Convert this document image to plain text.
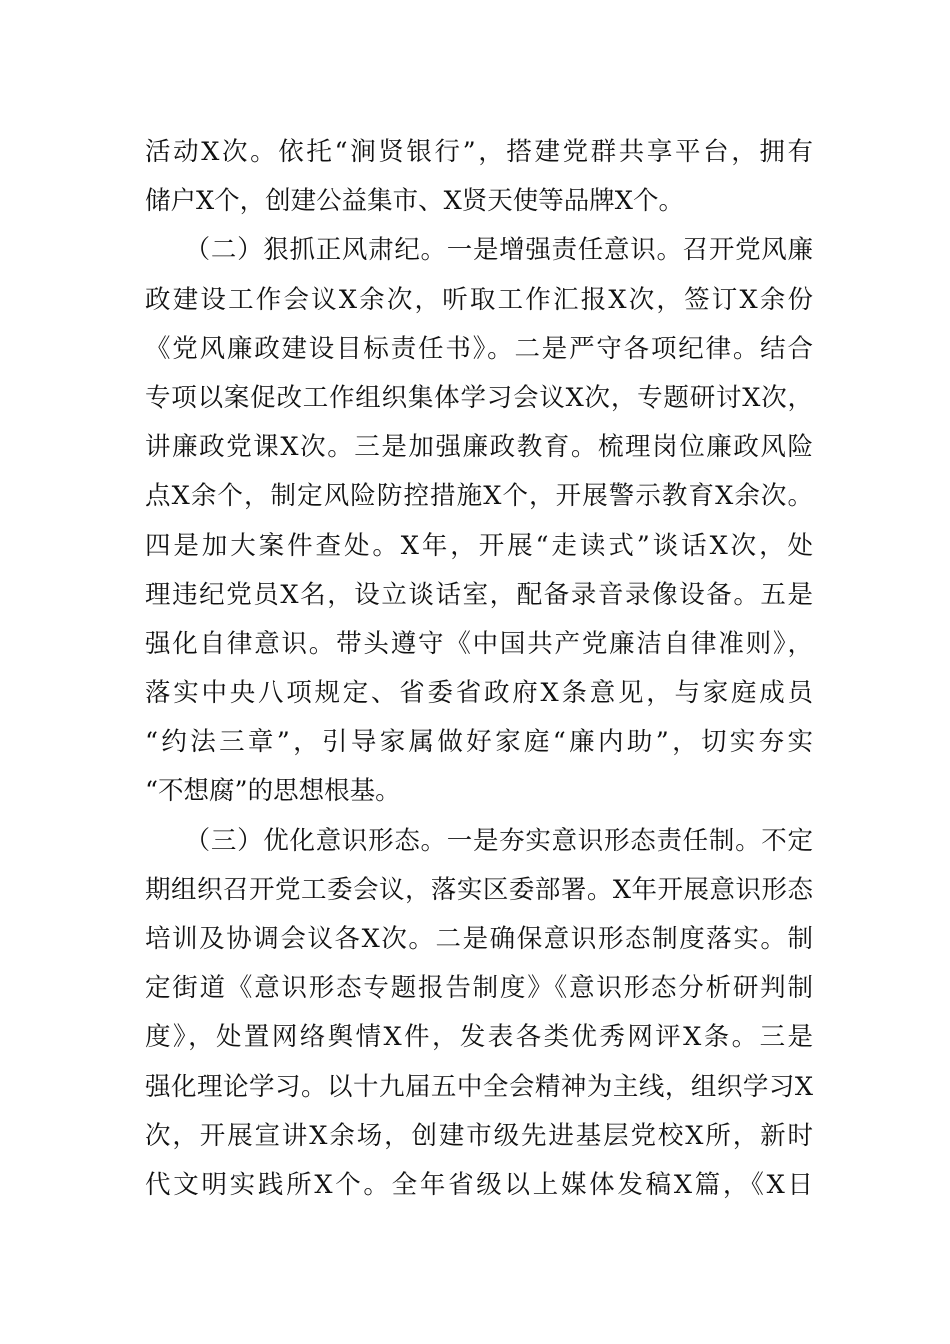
活动X次。依托“涧贤银行”，搭建党群共享平台，拥有
储户X个，创建公益集市、X贤天使等品牌X个。
　　（二）狠抓正风肃纪。一是增强责任意识。召开党风廉
政建设工作会议X余次，听取工作汇报X次，签订X余份
《党风廉政建设目标责任书》。二是严守各项纪律。结合
专项以案促改工作组织集体学习会议X次，专题研讨X次，
讲廉政党课X次。三是加强廉政教育。梳理岗位廉政风险
点X余个，制定风险防控措施X个，开展警示教育X余次。
四是加大案件查处。X年，开展“走读式”谈话X次，处
理违纪党员X名，设立谈话室，配备录音录像设备。五是
强化自律意识。带头遵守《中国共产党廉洁自律准则》，
落实中央八项规定、省委省政府X条意见，与家庭成员
“约法三章”，引导家属做好家庭“廉内助”，切实夯实
“不想腐”的思想根基。
　　（三）优化意识形态。一是夯实意识形态责任制。不定
期组织召开党工委会议，落实区委部署。X年开展意识形态
培训及协调会议各X次。二是确保意识形态制度落实。制
定街道《意识形态专题报告制度》《意识形态分析研判制
度》，处置网络舆情X件，发表各类优秀网评X条。三是
强化理论学习。以十九届五中全会精神为主线，组织学习X
次，开展宣讲X余场，创建市级先进基层党校X所，新时
代文明实践所X个。全年省级以上媒体发稿X篇，《X日
